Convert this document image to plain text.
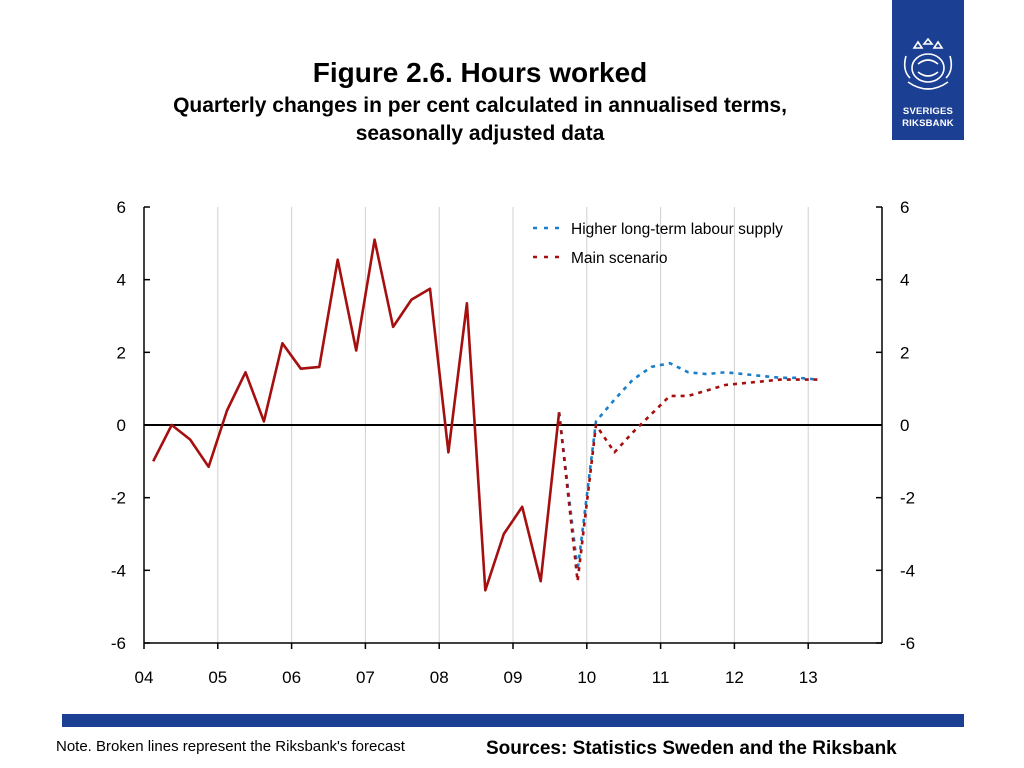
Figure 2.6. Hours worked
Quarterly changes in per cent calculated in annualised terms,
seasonally adjusted data
SVERIGES
RIKSBANK
6	6
4	4
2	2
0	0
-2	-2
-4	-4
-6	-6
04	05	06	07	08	09	10	11	12	13
Higher long-term labour supply
Main scenario
Note. Broken lines represent the Riksbank's forecast	Sources: Statistics Sweden and the Riksbank
